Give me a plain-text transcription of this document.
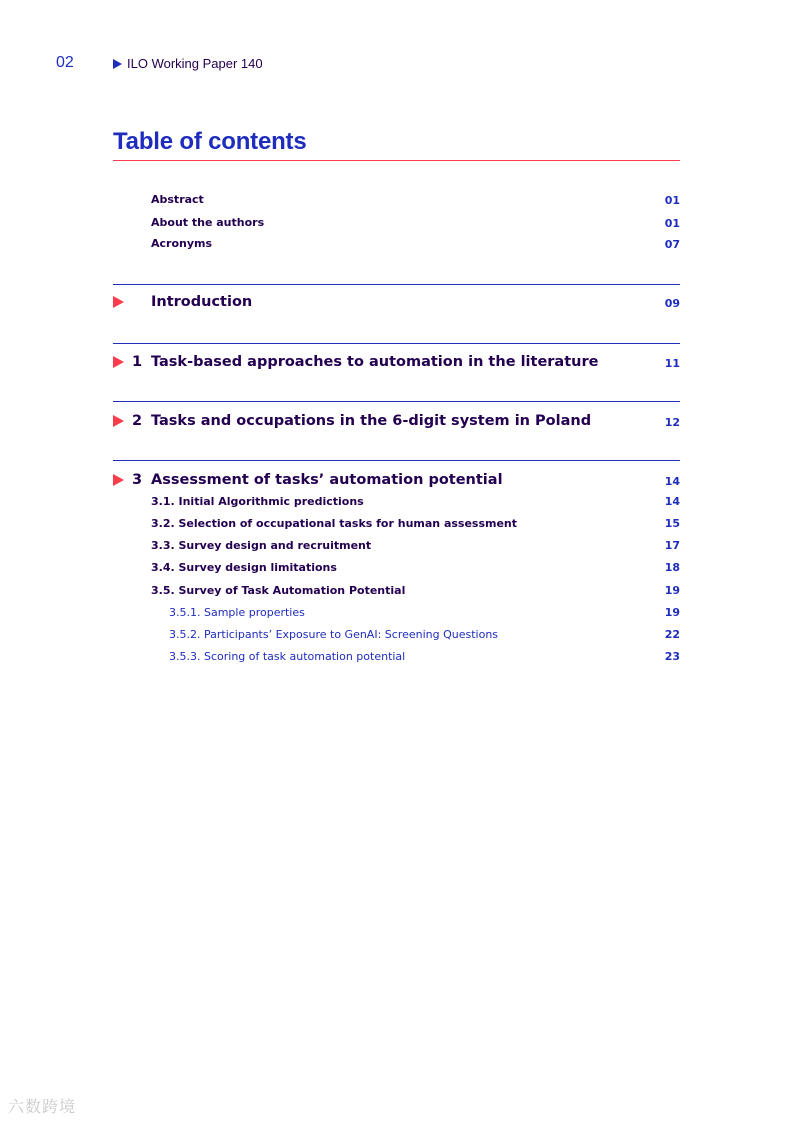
02	ILO Working Paper 140
Table of contents
Abstract	01
About the authors	01
Acronyms	07
Introduction	09
1 Task-based approaches to automation in the literature	11
2 Tasks and occupations in the 6-digit system in Poland	12
3 Assessment of tasks’ automation potential	14
3.1. Initial Algorithmic predictions	14
3.2. Selection of occupational tasks for human assessment	15
3.3. Survey design and recruitment	17
3.4. Survey design limitations	18
3.5. Survey of Task Automation Potential	19
3.5.1. Sample properties	19
3.5.2. Participants’ Exposure to GenAI: Screening Questions	22
3.5.3. Scoring of task automation potential	23
六数跨境
